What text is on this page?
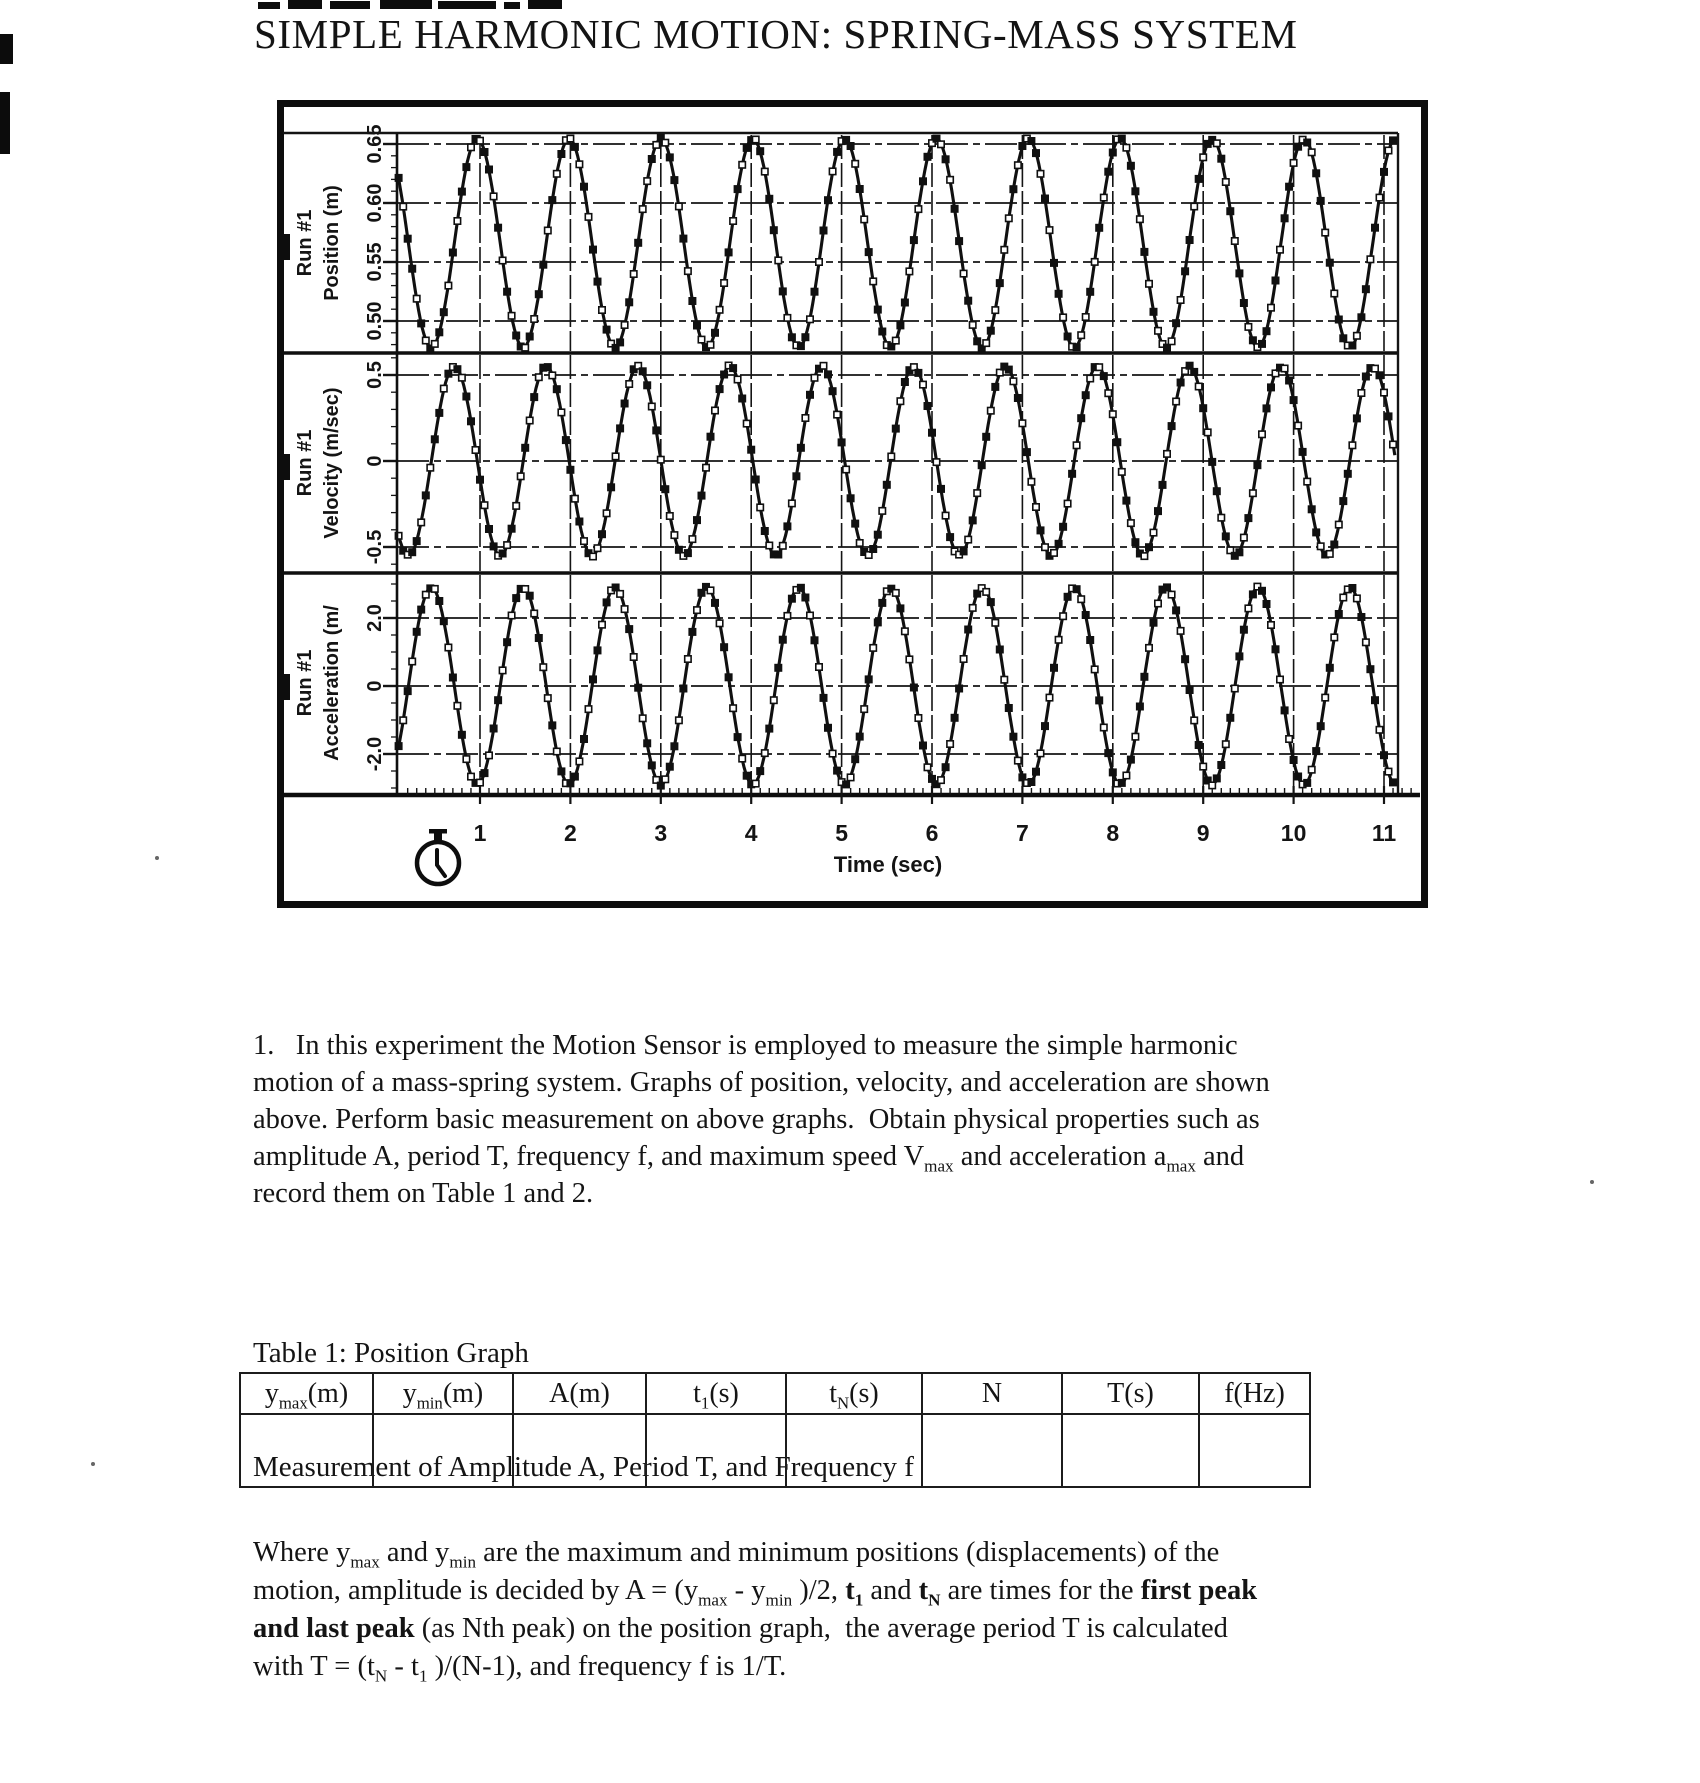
SIMPLE HARMONIC MOTION: SPRING-MASS SYSTEM
0.65
0.60
0.55
0.50
Run #1 Position (m)
0.5
0
-0.5
Run #1 Velocity (m/sec)
2.0
0
-2.0
Run #1 Acceleration (m/
1	2	3	4	5	6	7	8	9	10	11
Time (sec)
1.   In this experiment the Motion Sensor is employed to measure the simple harmonic
motion of a mass-spring system. Graphs of position, velocity, and acceleration are shown
above. Perform basic measurement on above graphs.  Obtain physical properties such as
amplitude A, period T, frequency f, and maximum speed $V_{max}$ and acceleration $a_{max}$ and
record them on Table 1 and 2.

Table 1: Position Graph

Measurement of Amplitude A, Period T, and Frequency f

$y_{max}(m)$	$y_{min}(m)$	A(m)	$t_1(s)$	$t_N(s)$	N	T(s)	f(Hz)

Where $y_{max}$ and $y_{min}$ are the maximum and minimum positions (displacements) of the
motion, amplitude is decided by $A = (y_{max} - y_{min}$ )/2, $t_1$ and $t_N$ are times for the first peak
and last peak (as Nth peak) on the position graph,  the average period T is calculated
with $T = (t_N - t_1$ )/(N-1), and frequency f is 1/T.
